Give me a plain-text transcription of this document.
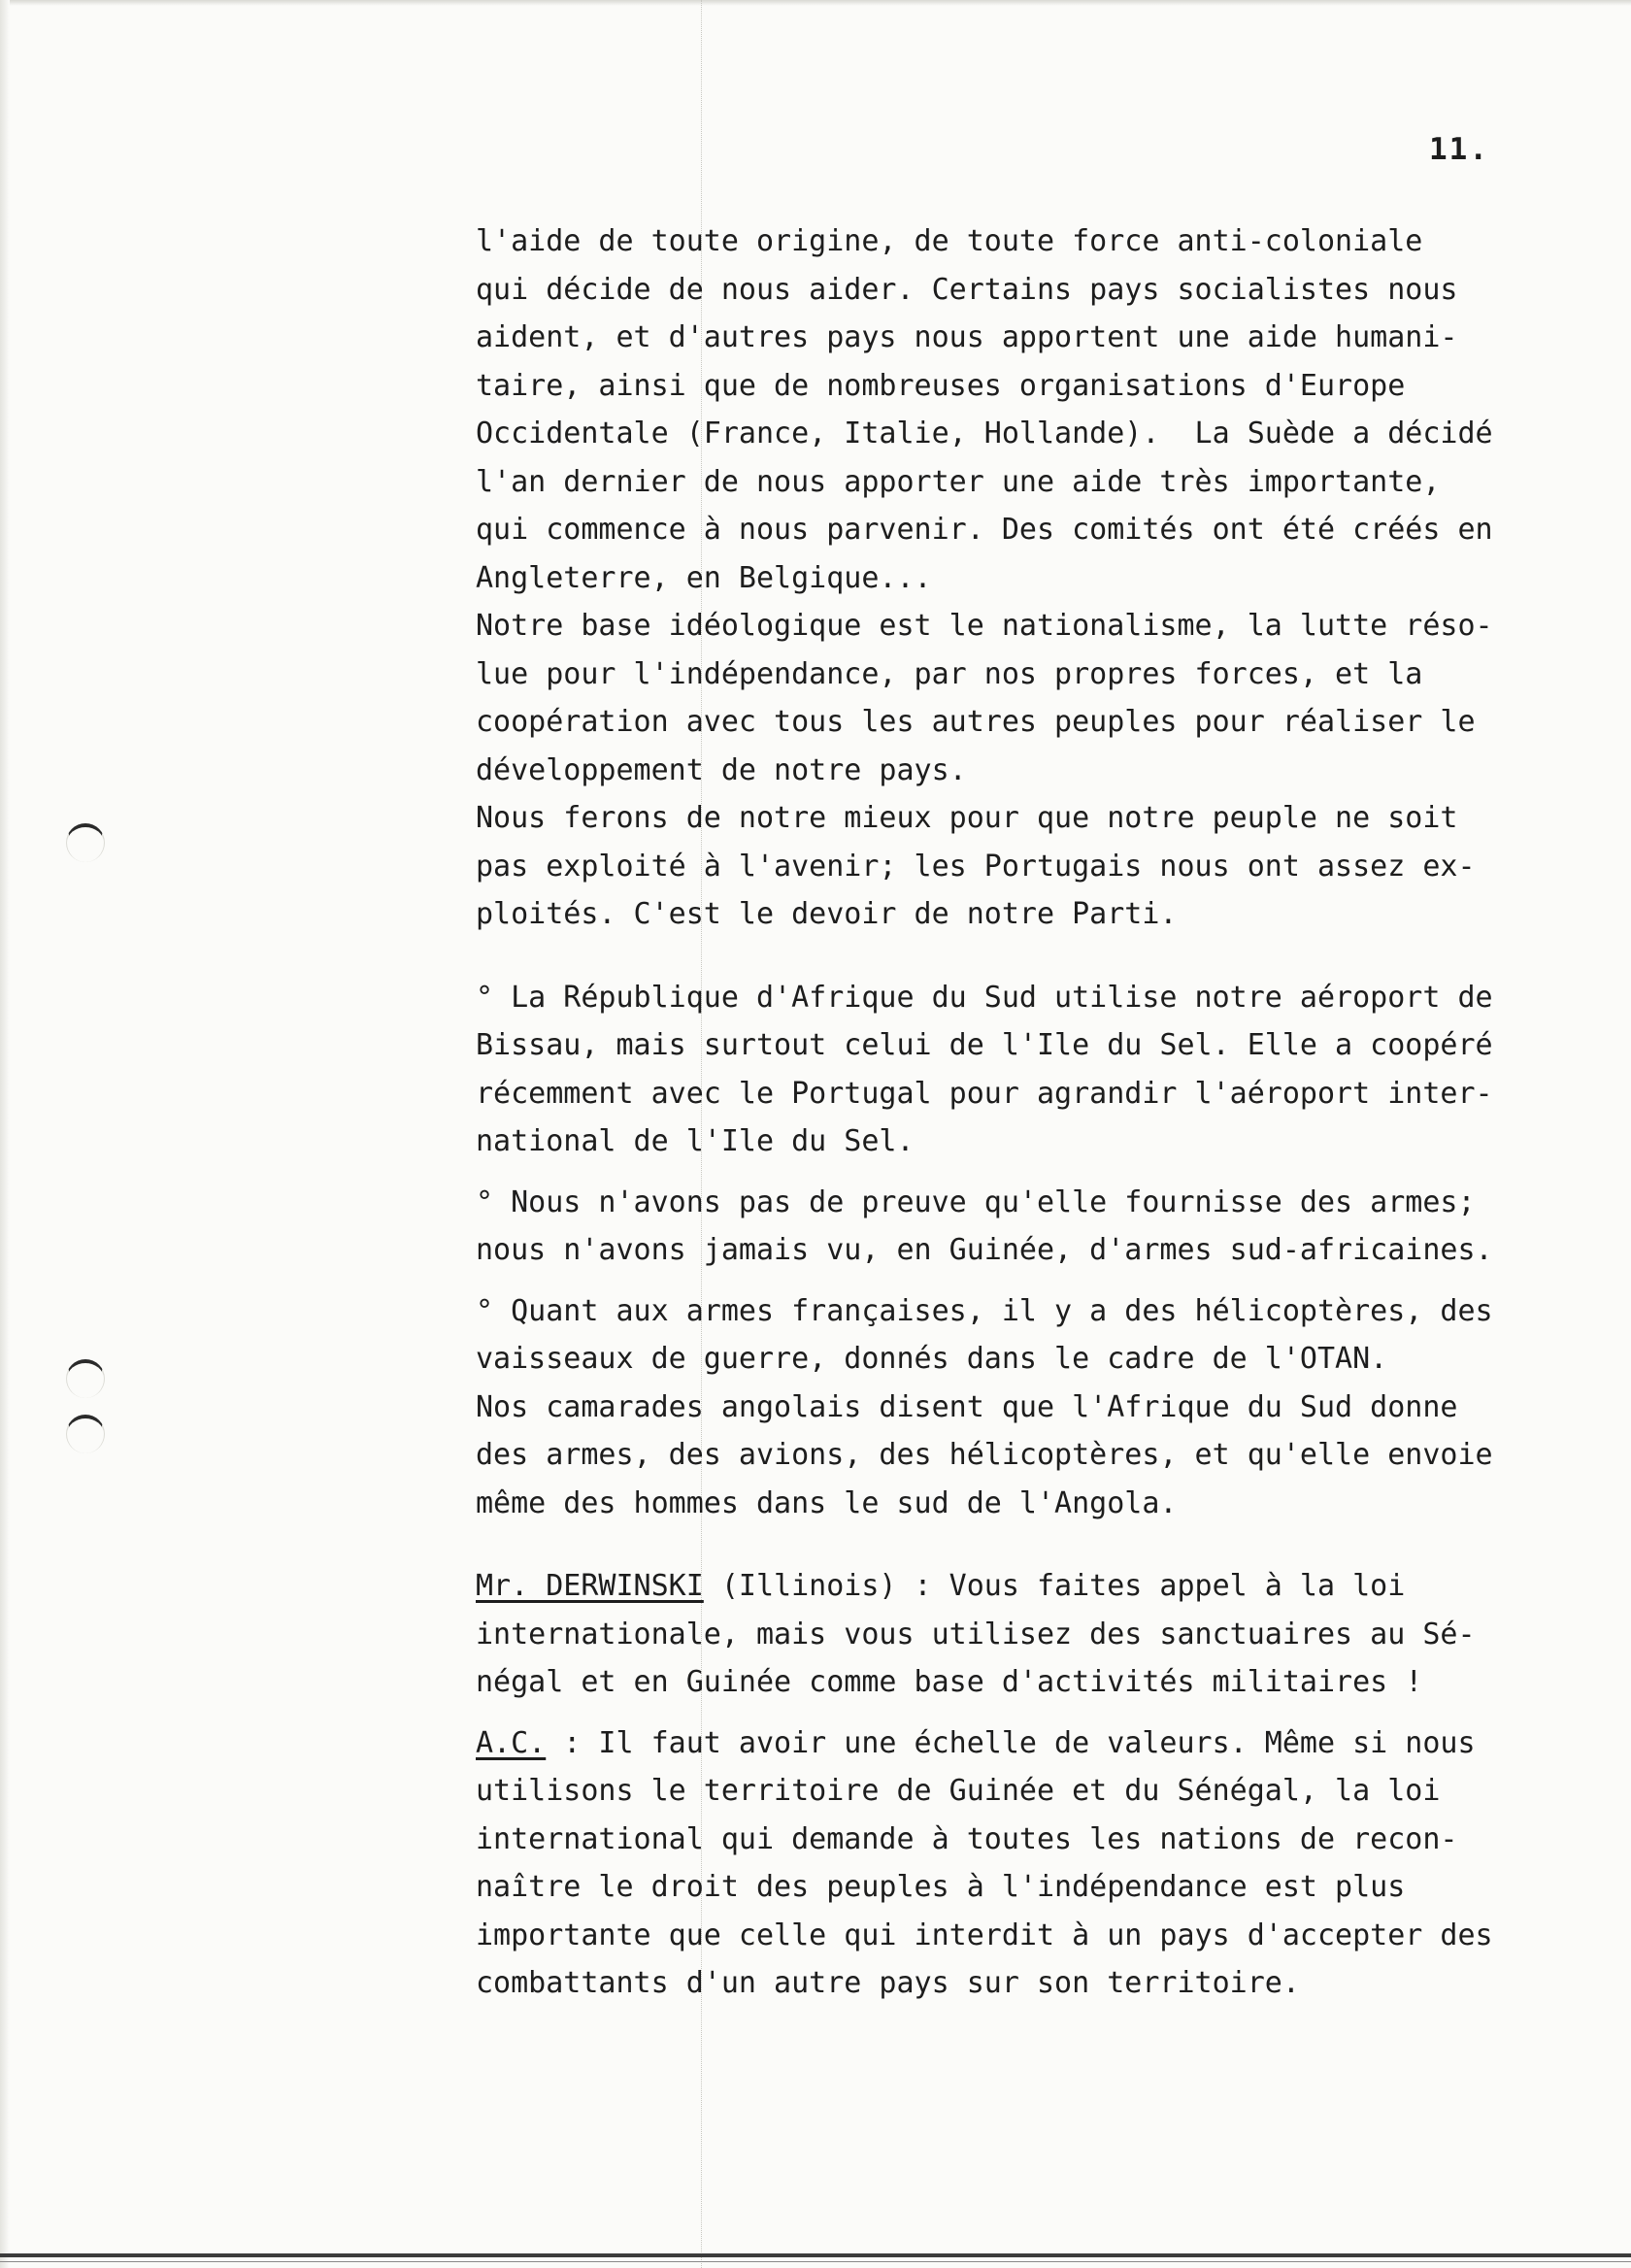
11.
l'aide de toute origine, de toute force anti-coloniale
qui décide de nous aider. Certains pays socialistes nous
aident, et d'autres pays nous apportent une aide humani-
taire, ainsi que de nombreuses organisations d'Europe
Occidentale (France, Italie, Hollande).  La Suède a décidé
l'an dernier de nous apporter une aide très importante,
qui commence à nous parvenir. Des comités ont été créés en
Angleterre, en Belgique...
Notre base idéologique est le nationalisme, la lutte réso-
lue pour l'indépendance, par nos propres forces, et la
coopération avec tous les autres peuples pour réaliser le
développement de notre pays.
Nous ferons de notre mieux pour que notre peuple ne soit
pas exploité à l'avenir; les Portugais nous ont assez ex-
ploités. C'est le devoir de notre Parti.
° La République d'Afrique du Sud utilise notre aéroport de
Bissau, mais surtout celui de l'Ile du Sel. Elle a coopéré
récemment avec le Portugal pour agrandir l'aéroport inter-
national de l'Ile du Sel.
° Nous n'avons pas de preuve qu'elle fournisse des armes;
nous n'avons jamais vu, en Guinée, d'armes sud-africaines.
° Quant aux armes françaises, il y a des hélicoptères, des
vaisseaux de guerre, donnés dans le cadre de l'OTAN.
Nos camarades angolais disent que l'Afrique du Sud donne
des armes, des avions, des hélicoptères, et qu'elle envoie
même des hommes dans le sud de l'Angola.
Mr. DERWINSKI (Illinois) : Vous faites appel à la loi
internationale, mais vous utilisez des sanctuaires au Sé-
négal et en Guinée comme base d'activités militaires !
A.C. : Il faut avoir une échelle de valeurs. Même si nous
utilisons le territoire de Guinée et du Sénégal, la loi
international qui demande à toutes les nations de recon-
naître le droit des peuples à l'indépendance est plus
importante que celle qui interdit à un pays d'accepter des
combattants d'un autre pays sur son territoire.
